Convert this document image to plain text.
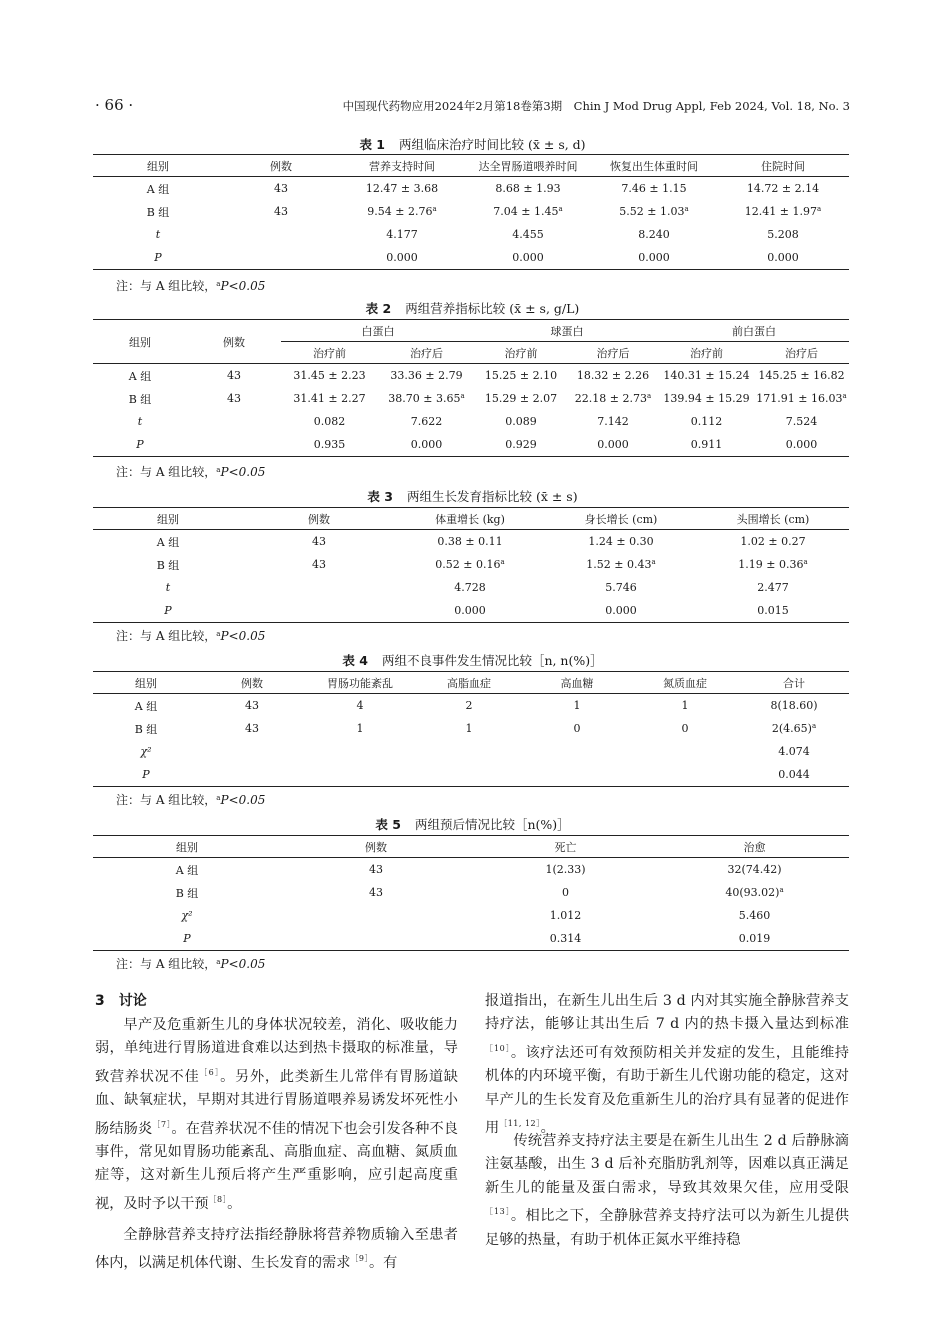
· 66 ·	中国现代药物应用2024年2月第18卷第3期　Chin J Mod Drug Appl, Feb 2024, Vol. 18, No. 3
表 1 两组临床治疗时间比较 (x̄ ± s, d)
组别	例数	营养支持时间	达全胃肠道喂养时间	恢复出生体重时间	住院时间
A 组	43	12.47 ± 3.68	8.68 ± 1.93	7.46 ± 1.15	14.72 ± 2.14
B 组	43	9.54 ± 2.76$^a$	7.04 ± 1.45$^a$	5.52 ± 1.03$^a$	12.41 ± 1.97$^a$
t		4.177	4.455	8.240	5.208
P		0.000	0.000	0.000	0.000
注：与 A 组比较，$^a$P<0.05
表 2 两组营养指标比较 (x̄ ± s, g/L)
组别	例数	白蛋白		球蛋白		前白蛋白	
		治疗前	治疗后	治疗前	治疗后	治疗前	治疗后
A 组	43	31.45 ± 2.23	33.36 ± 2.79	15.25 ± 2.10	18.32 ± 2.26	140.31 ± 15.24	145.25 ± 16.82
B 组	43	31.41 ± 2.27	38.70 ± 3.65$^a$	15.29 ± 2.07	22.18 ± 2.73$^a$	139.94 ± 15.29	171.91 ± 16.03$^a$
t		0.082	7.622	0.089	7.142	0.112	7.524
P		0.935	0.000	0.929	0.000	0.911	0.000
注：与 A 组比较，$^a$P<0.05
表 3 两组生长发育指标比较 (x̄ ± s)
组别	例数	体重增长 (kg)	身长增长 (cm)	头围增长 (cm)
A 组	43	0.38 ± 0.11	1.24 ± 0.30	1.02 ± 0.27
B 组	43	0.52 ± 0.16$^a$	1.52 ± 0.43$^a$	1.19 ± 0.36$^a$
t		4.728	5.746	2.477
P		0.000	0.000	0.015
注：与 A 组比较，$^a$P<0.05
表 4 两组不良事件发生情况比较［n, n(%)］
组别	例数	胃肠功能紊乱	高脂血症	高血糖	氮质血症	合计
A 组	43	4	2	1	1	8(18.60)
B 组	43	1	1	0	0	$2(4.65)^a$
χ²						4.074
P						0.044
注：与 A 组比较，$^a$P<0.05
表 5 两组预后情况比较［n(%)］
组别	例数	死亡	治愈
A 组	43	1(2.33)	32(74.42)
B 组	43	0	$40(93.02)^a$
χ²		1.012	5.460
P		0.314	0.019
注：与 A 组比较，$^a$P<0.05
3　讨论

早产及危重新生儿的身体状况较差，消化、吸收能力弱，单纯进行胃肠道进食难以达到热卡摄取的标准量，导致营养状况不佳$^{[6]}$。另外，此类新生儿常伴有胃肠道缺血、缺氧症状，早期对其进行胃肠道喂养易诱发坏死性小肠结肠炎$^{[7]}$。在营养状况不佳的情况下也会引发各种不良事件，常见如胃肠功能紊乱、高脂血症、高血糖、氮质血症等，这对新生儿预后将产生严重影响，应引起高度重视，及时予以干预$^{[8]}$。

全静脉营养支持疗法指经静脉将营养物质输入至患者体内，以满足机体代谢、生长发育的需求$^{[9]}$。有

报道指出，在新生儿出生后 3 d 内对其实施全静脉营养支持疗法，能够让其出生后 7 d 内的热卡摄入量达到标准$^{[10]}$。该疗法还可有效预防相关并发症的发生，且能维持机体的内环境平衡，有助于新生儿代谢功能的稳定，这对早产儿的生长发育及危重新生儿的治疗具有显著的促进作用$^{[11, 12]}$。

传统营养支持疗法主要是在新生儿出生 2 d 后静脉滴注氨基酸，出生 3 d 后补充脂肪乳剂等，因难以真正满足新生儿的能量及蛋白需求，导致其效果欠佳，应用受限$^{[13]}$。相比之下，全静脉营养支持疗法可以为新生儿提供足够的热量，有助于机体正氮水平维持稳
